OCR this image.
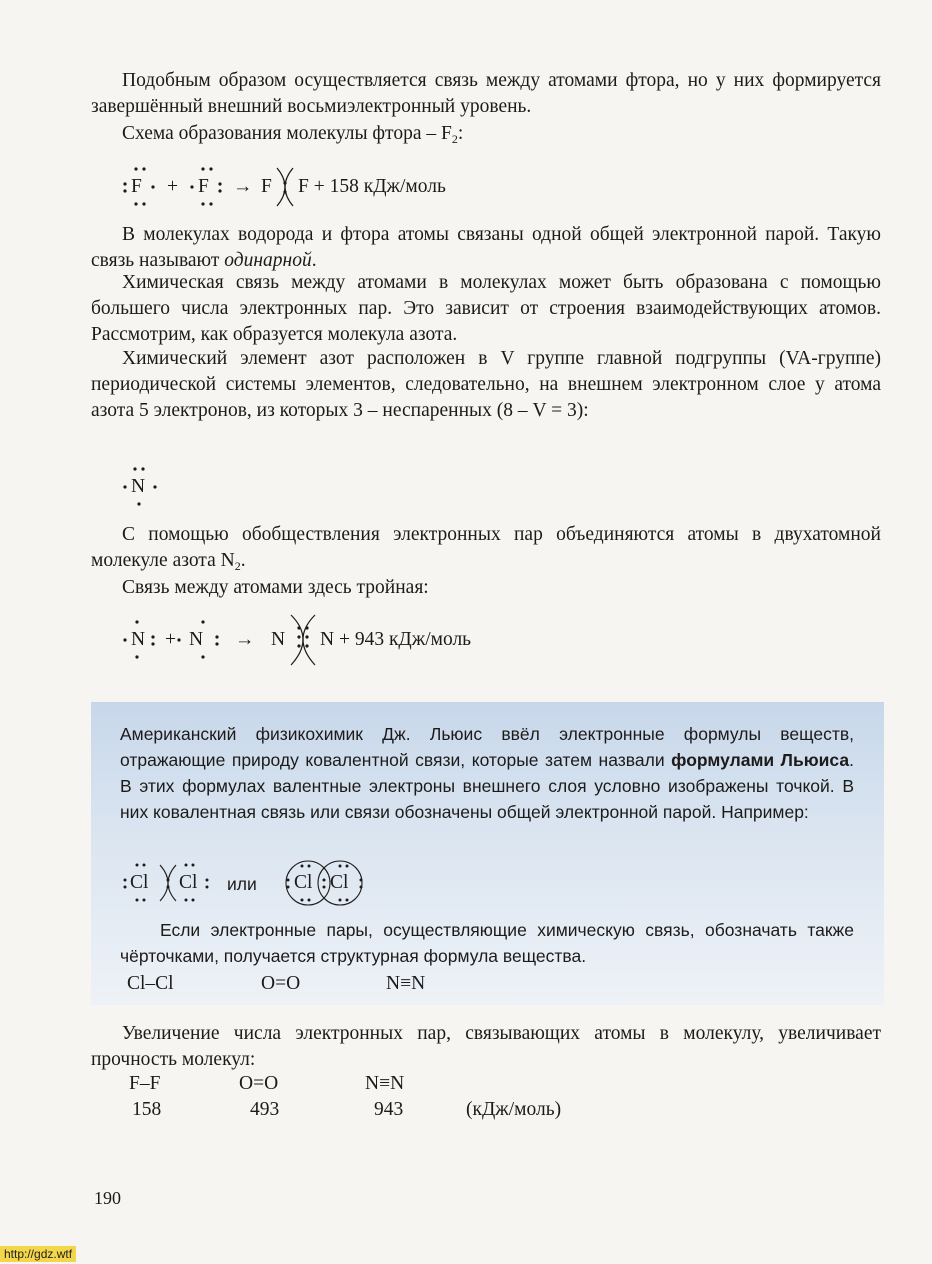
Подобным образом осуществляется связь между атомами фтора, но у них формируется завершённый внешний восьмиэлектронный уровень.

Схема образования молекулы фтора – $F_2$:

F + F → F F + 158 кДж/моль

В молекулах водорода и фтора атомы связаны одной общей электронной парой. Такую связь называют одинарной.

Химическая связь между атомами в молекулах может быть образована с помощью большего числа электронных пар. Это зависит от строения взаимодействующих атомов. Рассмотрим, как образуется молекула азота.

Химический элемент азот расположен в V группе главной подгруппы (VA-группе) периодической системы элементов, следовательно, на внешнем электронном слое у атома азота 5 электронов, из которых 3 – неспаренных (8 – V = 3):

N

С помощью обобществления электронных пар объединяются атомы в двухатомной молекуле азота $N_2$.

Связь между атомами здесь тройная:

N + N → N N + 943 кДж/моль

Американский физикохимик Дж. Льюис ввёл электронные формулы веществ, отражающие природу ковалентной связи, которые затем назвали формулами Льюиса. В этих формулах валентные электроны внешнего слоя условно изображены точкой. В них ковалентная связь или связи обозначены общей электронной парой. Например:

Cl Cl или Cl Cl

Если электронные пары, осуществляющие химическую связь, обозначать также чёрточками, получается структурная формула вещества.

Cl–Cl	O=O	N≡N

Увеличение числа электронных пар, связывающих атомы в молекулу, увеличивает прочность молекул:

F–F	O=O	N≡N
158	493	943	(кДж/моль)
190
http://gdz.wtf
